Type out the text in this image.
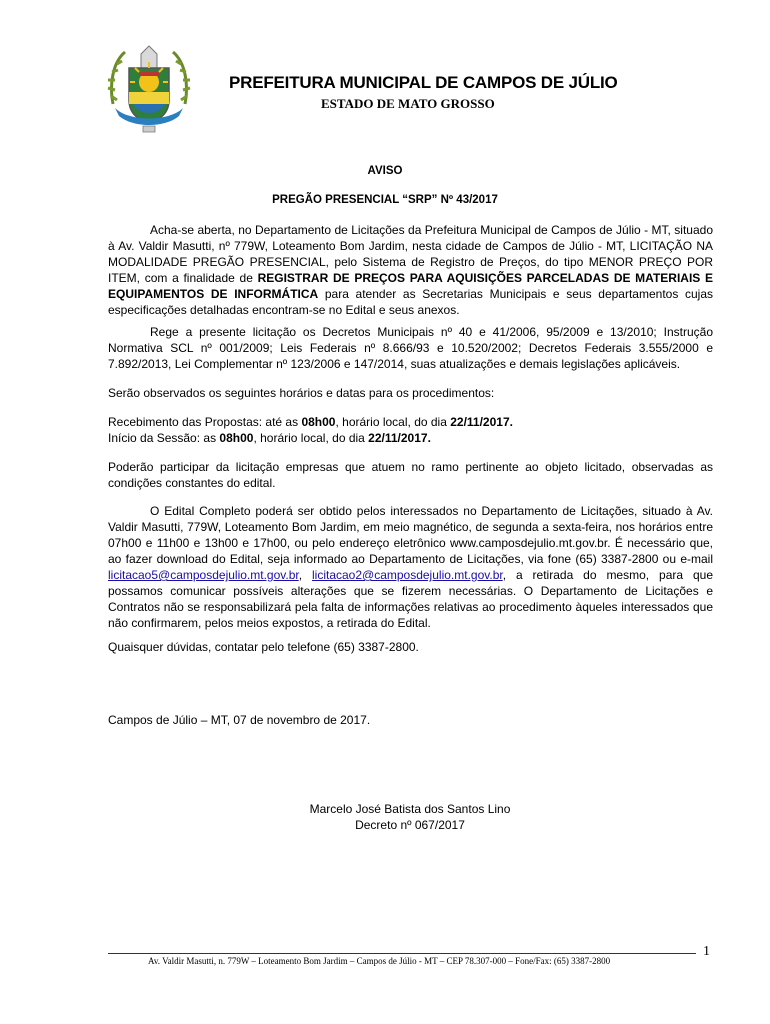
PREFEITURA MUNICIPAL DE CAMPOS DE JÚLIO
ESTADO DE MATO GROSSO
AVISO
PREGÃO PRESENCIAL “SRP” Nº 43/2017

Acha-se aberta, no Departamento de Licitações da Prefeitura Municipal de Campos de Júlio - MT, situado à Av. Valdir Masutti, nº 779W, Loteamento Bom Jardim, nesta cidade de Campos de Júlio - MT, LICITAÇÃO NA MODALIDADE PREGÃO PRESENCIAL, pelo Sistema de Registro de Preços, do tipo MENOR PREÇO POR ITEM, com a finalidade de REGISTRAR DE PREÇOS PARA AQUISIÇÕES PARCELADAS DE MATERIAIS E EQUIPAMENTOS DE INFORMÁTICA para atender as Secretarias Municipais e seus departamentos cujas especificações detalhadas encontram-se no Edital e seus anexos.

Rege a presente licitação os Decretos Municipais nº 40 e 41/2006, 95/2009 e 13/2010; Instrução Normativa SCL nº 001/2009; Leis Federais nº 8.666/93 e 10.520/2002; Decretos Federais 3.555/2000 e 7.892/2013, Lei Complementar nº 123/2006 e 147/2014, suas atualizações e demais legislações aplicáveis.

Serão observados os seguintes horários e datas para os procedimentos:

Recebimento das Propostas: até as 08h00, horário local, do dia 22/11/2017.
Início da Sessão: as 08h00, horário local, do dia 22/11/2017.

Poderão participar da licitação empresas que atuem no ramo pertinente ao objeto licitado, observadas as condições constantes do edital.

O Edital Completo poderá ser obtido pelos interessados no Departamento de Licitações, situado à Av. Valdir Masutti, 779W, Loteamento Bom Jardim, em meio magnético, de segunda a sexta-feira, nos horários entre 07h00 e 11h00 e 13h00 e 17h00, ou pelo endereço eletrônico www.camposdejulio.mt.gov.br. É necessário que, ao fazer download do Edital, seja informado ao Departamento de Licitações, via fone (65) 3387-2800 ou e-mail licitacao5@camposdejulio.mt.gov.br, licitacao2@camposdejulio.mt.gov.br, a retirada do mesmo, para que possamos comunicar possíveis alterações que se fizerem necessárias. O Departamento de Licitações e Contratos não se responsabilizará pela falta de informações relativas ao procedimento àqueles interessados que não confirmarem, pelos meios expostos, a retirada do Edital.

Quaisquer dúvidas, contatar pelo telefone (65) 3387-2800.

Campos de Júlio – MT, 07 de novembro de 2017.

Marcelo José Batista dos Santos Lino
Decreto nº 067/2017
Av. Valdir Masutti, n. 779W – Loteamento Bom Jardim – Campos de Júlio - MT – CEP 78.307-000 – Fone/Fax: (65) 3387-2800
1
